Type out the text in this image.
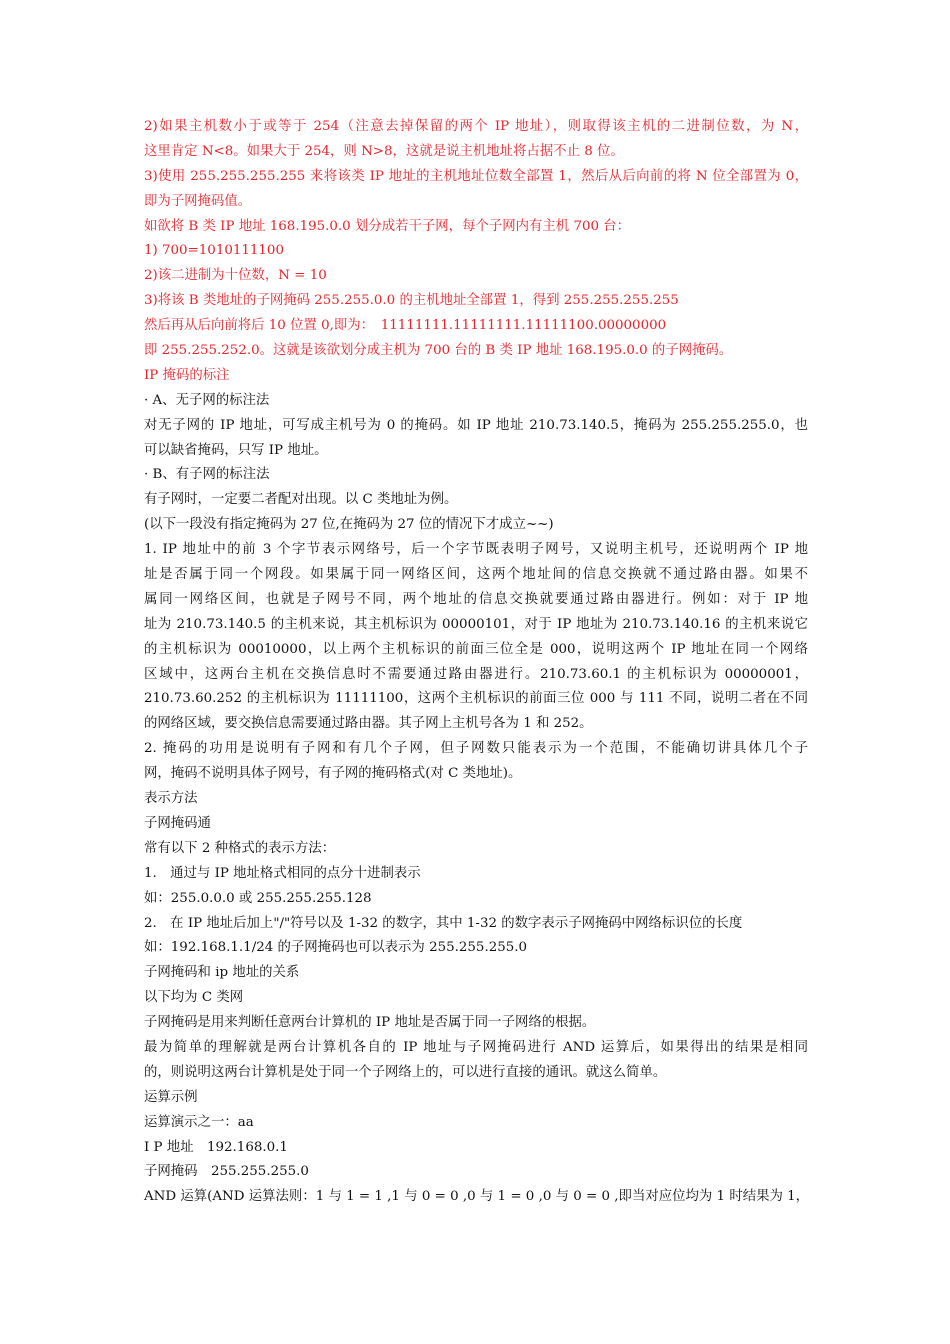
2)如果主机数小于或等于 254（注意去掉保留的两个 IP 地址），则取得该主机的二进制位数，为 N，
这里肯定 N<8。如果大于 254，则 N>8，这就是说主机地址将占据不止 8 位。
3)使用 255.255.255.255 来将该类 IP 地址的主机地址位数全部置 1，然后从后向前的将 N 位全部置为 0，
即为子网掩码值。
如欲将 B 类 IP 地址 168.195.0.0 划分成若干子网，每个子网内有主机 700 台：
1) 700=1010111100
2)该二进制为十位数，N = 10
3)将该 B 类地址的子网掩码 255.255.0.0 的主机地址全部置 1，得到 255.255.255.255
然后再从后向前将后 10 位置 0,即为：　11111111.11111111.11111100.00000000
即 255.255.252.0。这就是该欲划分成主机为 700 台的 B 类 IP 地址 168.195.0.0 的子网掩码。
IP 掩码的标注
· A、无子网的标注法
对无子网的 IP 地址，可写成主机号为 0 的掩码。如 IP 地址 210.73.140.5，掩码为 255.255.255.0，也
可以缺省掩码，只写 IP 地址。
· B、有子网的标注法
有子网时，一定要二者配对出现。以 C 类地址为例。
(以下一段没有指定掩码为 27 位,在掩码为 27 位的情况下才成立~~)
1. IP 地址中的前 3 个字节表示网络号，后一个字节既表明子网号，又说明主机号，还说明两个 IP 地
址是否属于同一个网段。如果属于同一网络区间，这两个地址间的信息交换就不通过路由器。如果不
属同一网络区间，也就是子网号不同，两个地址的信息交换就要通过路由器进行。例如：对于 IP 地
址为 210.73.140.5 的主机来说，其主机标识为 00000101，对于 IP 地址为 210.73.140.16 的主机来说它
的主机标识为 00010000，以上两个主机标识的前面三位全是 000，说明这两个 IP 地址在同一个网络
区域中，这两台主机在交换信息时不需要通过路由器进行。210.73.60.1 的主机标识为 00000001，
210.73.60.252 的主机标识为 11111100，这两个主机标识的前面三位 000 与 111 不同，说明二者在不同
的网络区域，要交换信息需要通过路由器。其子网上主机号各为 1 和 252。
2. 掩码的功用是说明有子网和有几个子网，但子网数只能表示为一个范围，不能确切讲具体几个子
网，掩码不说明具体子网号，有子网的掩码格式(对 C 类地址)。
表示方法
子网掩码通
常有以下 2 种格式的表示方法：
1.　通过与 IP 地址格式相同的点分十进制表示
如：255.0.0.0 或 255.255.255.128
2.　在 IP 地址后加上"/"符号以及 1-32 的数字，其中 1-32 的数字表示子网掩码中网络标识位的长度
如：192.168.1.1/24 的子网掩码也可以表示为 255.255.255.0
子网掩码和 ip 地址的关系
以下均为 C 类网
子网掩码是用来判断任意两台计算机的 IP 地址是否属于同一子网络的根据。
最为简单的理解就是两台计算机各自的 IP 地址与子网掩码进行 AND 运算后，如果得出的结果是相同
的，则说明这两台计算机是处于同一个子网络上的，可以进行直接的通讯。就这么简单。
运算示例
运算演示之一：aa
I P 地址　192.168.0.1
子网掩码　255.255.255.0
AND 运算(AND 运算法则：1 与 1 = 1 ,1 与 0 = 0 ,0 与 1 = 0 ,0 与 0 = 0 ,即当对应位均为 1 时结果为 1，
